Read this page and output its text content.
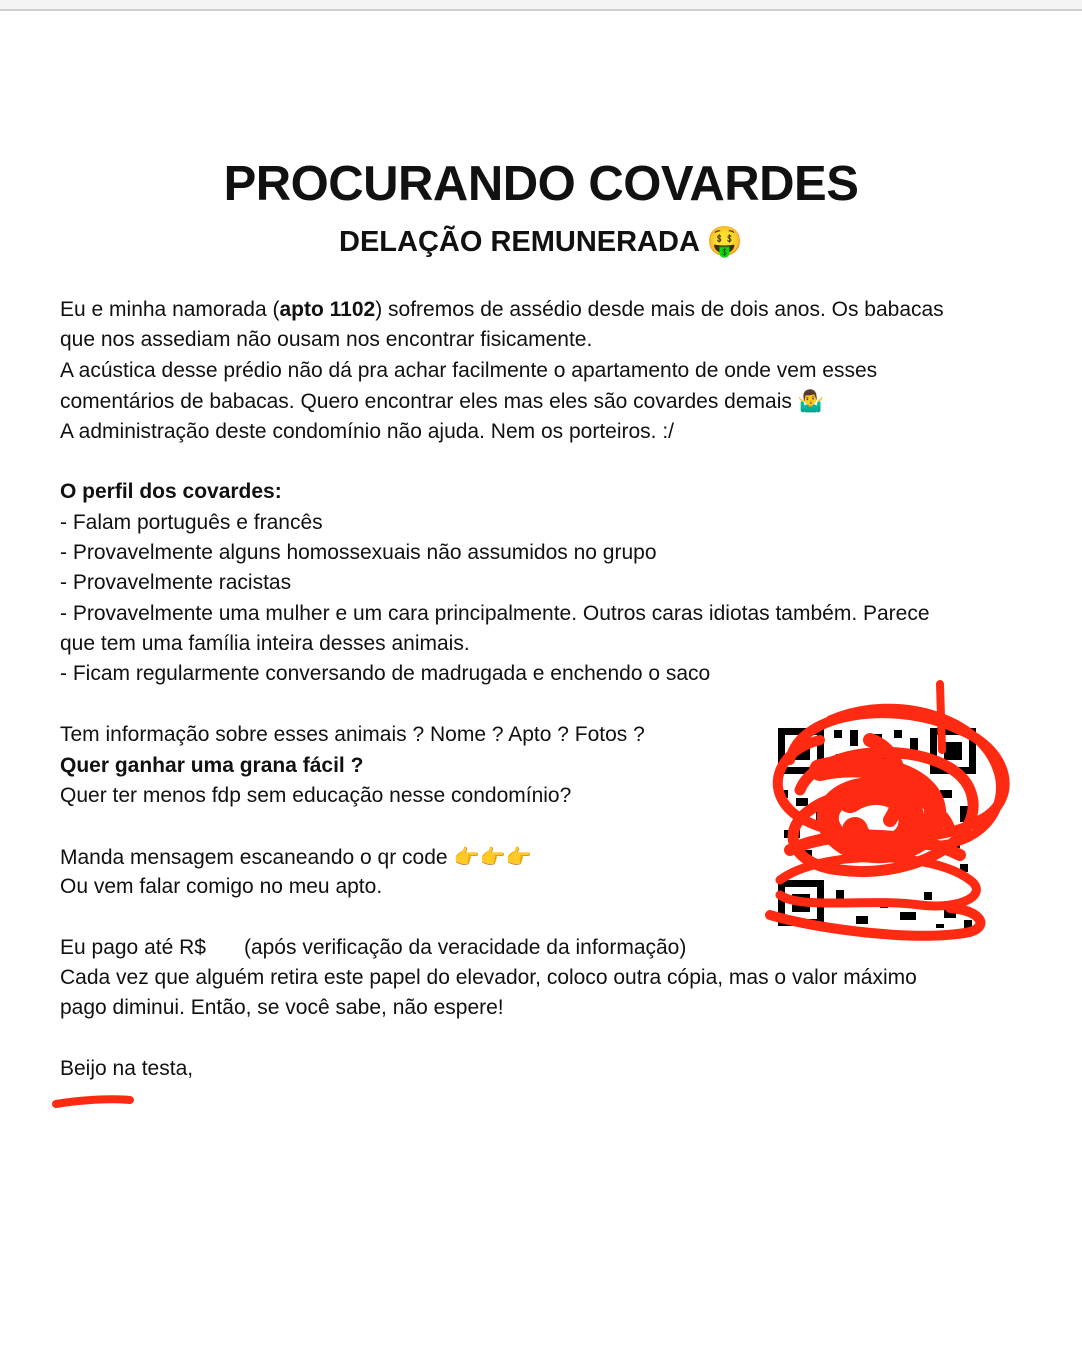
PROCURANDO COVARDES
DELAÇÃO REMUNERADA 🤑
Eu e minha namorada (apto 1102) sofremos de assédio desde mais de dois anos. Os babacas
que nos assediam não ousam nos encontrar fisicamente.
A acústica desse prédio não dá pra achar facilmente o apartamento de onde vem esses
comentários de babacas. Quero encontrar eles mas eles são covardes demais 🤷‍♂️
A administração deste condomínio não ajuda. Nem os porteiros. :/
O perfil dos covardes:
- Falam português e francês
- Provavelmente alguns homossexuais não assumidos no grupo
- Provavelmente racistas
- Provavelmente uma mulher e um cara principalmente. Outros caras idiotas também. Parece
que tem uma família inteira desses animais.
- Ficam regularmente conversando de madrugada e enchendo o saco
Tem informação sobre esses animais ? Nome ? Apto ? Fotos ?
Quer ganhar uma grana fácil ?
Quer ter menos fdp sem educação nesse condomínio?
Manda mensagem escaneando o qr code 👉👉👉
Ou vem falar comigo no meu apto.
Eu pago até R$ (após verificação da veracidade da informação)
Cada vez que alguém retira este papel do elevador, coloco outra cópia, mas o valor máximo
pago diminui. Então, se você sabe, não espere!
Beijo na testa,
